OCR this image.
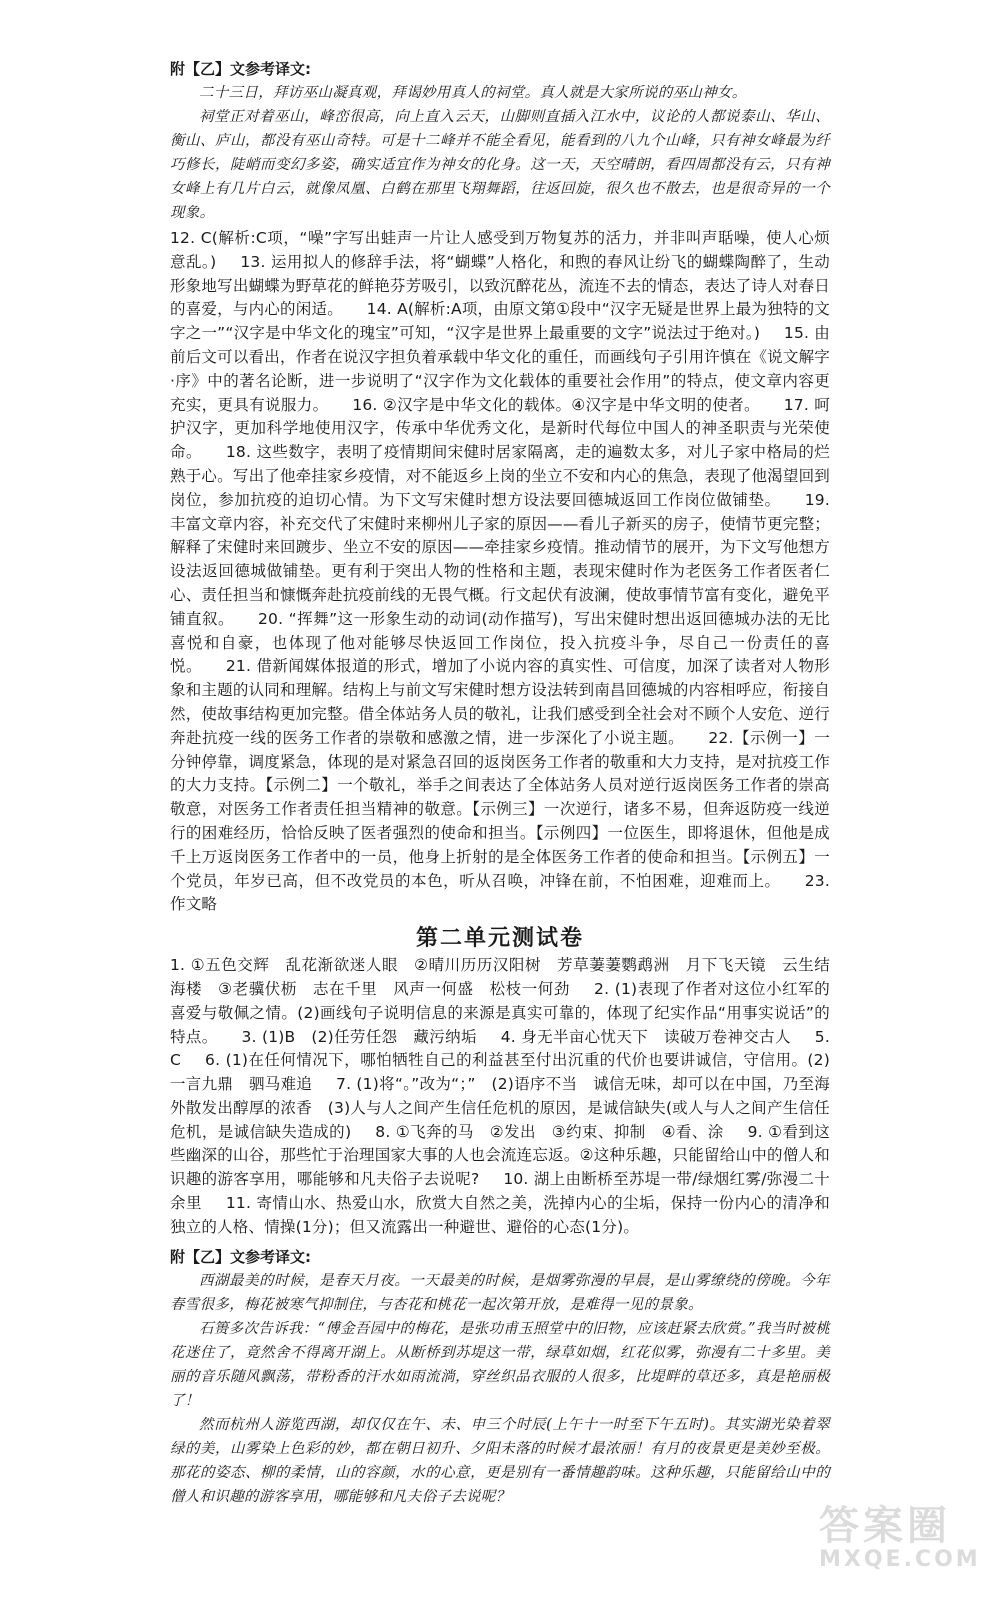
附【乙】文参考译文:

二十三日，拜访巫山凝真观，拜谒妙用真人的祠堂。真人就是大家所说的巫山神女。

祠堂正对着巫山，峰峦很高，向上直入云天，山脚则直插入江水中，议论的人都说泰山、华山、衡山、庐山，都没有巫山奇特。可是十二峰并不能全看见，能看到的八九个山峰，只有神女峰最为纤巧修长，陡峭而变幻多姿，确实适宜作为神女的化身。这一天，天空晴朗，看四周都没有云，只有神女峰上有几片白云，就像凤凰、白鹤在那里飞翔舞蹈，往返回旋，很久也不散去，也是很奇异的一个现象。

12. C(解析:C项，“噪”字写出蛙声一片让人感受到万物复苏的活力，并非叫声聒噪，使人心烦意乱。) 13. 运用拟人的修辞手法，将“蝴蝶”人格化，和煦的春风让纷飞的蝴蝶陶醉了，生动形象地写出蝴蝶为野草花的鲜艳芬芳吸引，以致沉醉花丛，流连不去的情态，表达了诗人对春日的喜爱，与内心的闲适。 14. A(解析:A项，由原文第①段中“汉字无疑是世界上最为独特的文字之一”“汉字是中华文化的瑰宝”可知，“汉字是世界上最重要的文字”说法过于绝对。) 15. 由前后文可以看出，作者在说汉字担负着承载中华文化的重任，而画线句子引用许慎在《说文解字·序》中的著名论断，进一步说明了“汉字作为文化载体的重要社会作用”的特点，使文章内容更充实，更具有说服力。 16. ②汉字是中华文化的载体。④汉字是中华文明的使者。 17. 呵护汉字，更加科学地使用汉字，传承中华优秀文化，是新时代每位中国人的神圣职责与光荣使命。 18. 这些数字，表明了疫情期间宋健时居家隔离，走的遍数太多，对儿子家中格局的烂熟于心。写出了他牵挂家乡疫情，对不能返乡上岗的坐立不安和内心的焦急，表现了他渴望回到岗位，参加抗疫的迫切心情。为下文写宋健时想方设法要回德城返回工作岗位做铺垫。 19. 丰富文章内容，补充交代了宋健时来柳州儿子家的原因——看儿子新买的房子，使情节更完整；解释了宋健时来回踱步、坐立不安的原因——牵挂家乡疫情。推动情节的展开，为下文写他想方设法返回德城做铺垫。更有利于突出人物的性格和主题，表现宋健时作为老医务工作者医者仁心、责任担当和慷慨奔赴抗疫前线的无畏气概。行文起伏有波澜，使故事情节富有变化，避免平铺直叙。 20. “挥舞”这一形象生动的动词(动作描写)，写出宋健时想出返回德城办法的无比喜悦和自豪，也体现了他对能够尽快返回工作岗位，投入抗疫斗争，尽自己一份责任的喜悦。 21. 借新闻媒体报道的形式，增加了小说内容的真实性、可信度，加深了读者对人物形象和主题的认同和理解。结构上与前文写宋健时想方设法转到南昌回德城的内容相呼应，衔接自然，使故事结构更加完整。借全体站务人员的敬礼，让我们感受到全社会对不顾个人安危、逆行奔赴抗疫一线的医务工作者的崇敬和感激之情，进一步深化了小说主题。 22.【示例一】一分钟停靠，调度紧急，体现的是对紧急召回的返岗医务工作者的敬重和大力支持，是对抗疫工作的大力支持。【示例二】一个敬礼，举手之间表达了全体站务人员对逆行返岗医务工作者的崇高敬意，对医务工作者责任担当精神的敬意。【示例三】一次逆行，诸多不易，但奔返防疫一线逆行的困难经历，恰恰反映了医者强烈的使命和担当。【示例四】一位医生，即将退休，但他是成千上万返岗医务工作者中的一员，他身上折射的是全体医务工作者的使命和担当。【示例五】一个党员，年岁已高，但不改党员的本色，听从召唤，冲锋在前，不怕困难，迎难而上。 23. 作文略

第二单元测试卷

1. ①五色交辉　乱花渐欲迷人眼　②晴川历历汉阳树　芳草萋萋鹦鹉洲　月下飞天镜　云生结海楼　③老骥伏枥　志在千里　风声一何盛　松枝一何劲 2. (1)表现了作者对这位小红军的喜爱与敬佩之情。(2)画线句子说明信息的来源是真实可靠的，体现了纪实作品“用事实说话”的特点。 3. (1)B　(2)任劳任怨　藏污纳垢 4. 身无半亩心忧天下　读破万卷神交古人 5. C 6. (1)在任何情况下，哪怕牺牲自己的利益甚至付出沉重的代价也要讲诚信，守信用。(2)一言九鼎　驷马难追 7. (1)将“。”改为“；”　(2)语序不当　诚信无味，却可以在中国，乃至海外散发出醇厚的浓香　(3)人与人之间产生信任危机的原因，是诚信缺失(或人与人之间产生信任危机，是诚信缺失造成的) 8. ①飞奔的马　②发出　③约束、抑制　④看、涂 9. ①看到这些幽深的山谷，那些忙于治理国家大事的人也会流连忘返。②这种乐趣，只能留给山中的僧人和识趣的游客享用，哪能够和凡夫俗子去说呢? 10. 湖上由断桥至苏堤一带/绿烟红雾/弥漫二十余里 11. 寄情山水、热爱山水，欣赏大自然之美，洗掉内心的尘垢，保持一份内心的清净和独立的人格、情操(1分)；但又流露出一种避世、避俗的心态(1分)。

附【乙】文参考译文:

西湖最美的时候，是春天月夜。一天最美的时候，是烟雾弥漫的早晨，是山雾缭绕的傍晚。今年春雪很多，梅花被寒气抑制住，与杏花和桃花一起次第开放，是难得一见的景象。

石篑多次告诉我：“傅金吾园中的梅花，是张功甫玉照堂中的旧物，应该赶紧去欣赏。”我当时被桃花迷住了，竟然舍不得离开湖上。从断桥到苏堤这一带，绿草如烟，红花似雾，弥漫有二十多里。美丽的音乐随风飘荡，带粉香的汗水如雨流淌，穿丝织品衣服的人很多，比堤畔的草还多，真是艳丽极了！

然而杭州人游览西湖，却仅仅在午、未、申三个时辰(上午十一时至下午五时)。其实湖光染着翠绿的美，山雾染上色彩的妙，都在朝日初升、夕阳未落的时候才最浓丽！有月的夜景更是美妙至极。那花的姿态、柳的柔情，山的容颜，水的心意，更是别有一番情趣韵味。这种乐趣，只能留给山中的僧人和识趣的游客享用，哪能够和凡夫俗子去说呢？

答案圈
MXQE.COM
